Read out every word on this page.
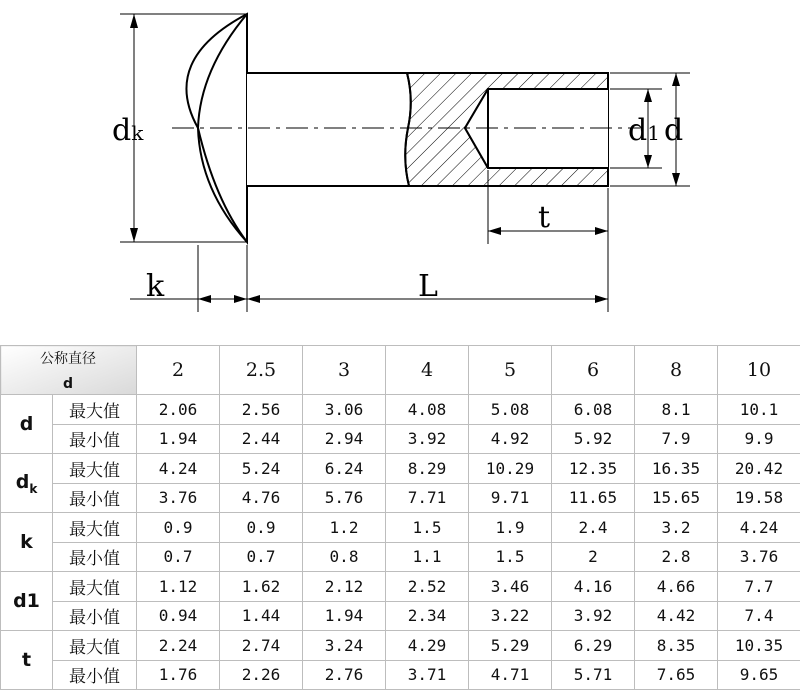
dk	d1 d
t
k	L
公称直径
d		2	2.5	3	4	5	6	8	10
d	最大值	2.06	2.56	3.06	4.08	5.08	6.08	8.1	10.1
	最小值	1.94	2.44	2.94	3.92	4.92	5.92	7.9	9.9
$d_k$	最大值	4.24	5.24	6.24	8.29	10.29	12.35	16.35	20.42
	最小值	3.76	4.76	5.76	7.71	9.71	11.65	15.65	19.58
k	最大值	0.9	0.9	1.2	1.5	1.9	2.4	3.2	4.24
	最小值	0.7	0.7	0.8	1.1	1.5	2	2.8	3.76
d1	最大值	1.12	1.62	2.12	2.52	3.46	4.16	4.66	7.7
	最小值	0.94	1.44	1.94	2.34	3.22	3.92	4.42	7.4
t	最大值	2.24	2.74	3.24	4.29	5.29	6.29	8.35	10.35
	最小值	1.76	2.26	2.76	3.71	4.71	5.71	7.65	9.65
